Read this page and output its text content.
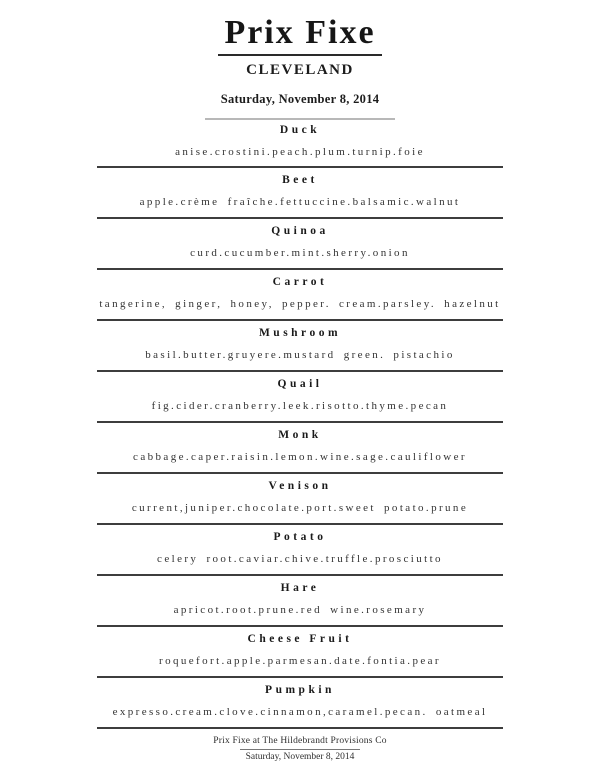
Prix Fixe
CLEVELAND
Saturday, November 8, 2014
Duck

anise.crostini.peach.plum.turnip.foie

Beet

apple.crème fraîche.fettuccine.balsamic.walnut

Quinoa

curd.cucumber.mint.sherry.onion

Carrot

tangerine, ginger, honey, pepper. cream.parsley. hazelnut

Mushroom

basil.butter.gruyere.mustard green. pistachio

Quail

fig.cider.cranberry.leek.risotto.thyme.pecan

Monk

cabbage.caper.raisin.lemon.wine.sage.cauliflower

Venison

current,juniper.chocolate.port.sweet potato.prune

Potato

celery root.caviar.chive.truffle.prosciutto

Hare

apricot.root.prune.red wine.rosemary

Cheese Fruit

roquefort.apple.parmesan.date.fontia.pear

Pumpkin

expresso.cream.clove.cinnamon,caramel.pecan. oatmeal

Prix Fixe at The Hildebrandt Provisions Co
Saturday, November 8, 2014
